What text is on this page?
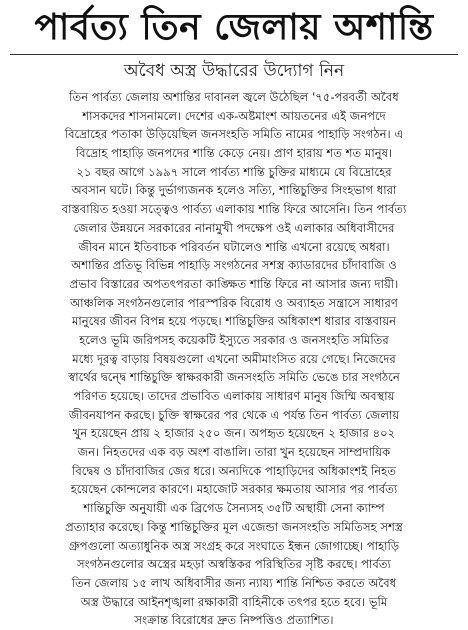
পার্বত্য তিন জেলায় অশান্তি
অবৈধ অস্ত্র উদ্ধারের উদ্যোগ নিন
তিন পার্বত্য জেলায় অশান্তির দাবানল জ্বলে উঠেছিল '৭৫-পরবর্তী অবৈধ
শাসকদের শাসনামলে। দেশের এক-অষ্টমাংশ আয়তনের এই জনপদে
বিদ্রোহের পতাকা উড়িয়েছিল জনসংহতি সমিতি নামের পাহাড়ি সংগঠন। এ
বিদ্রোহ পাহাড়ি জনপদের শান্তি কেড়ে নেয়। প্রাণ হারায় শত শত মানুষ।
২১ বছর আগে ১৯৯৭ সালে পার্বত্য শান্তি চুক্তির মাধ্যমে যে বিদ্রোহের
অবসান ঘটে। কিন্তু দুর্ভাগ্যজনক হলেও সত্যি, শান্তিচুক্তির সিংহভাগ ধারা
বাস্তবায়িত হওয়া সত্ত্বেও পার্বত্য এলাকায় শান্তি ফিরে আসেনি। তিন পার্বত্য
জেলার উন্নয়নে সরকারের নানামুখী পদক্ষেপ ওই এলাকার অধিবাসীদের
জীবন মানে ইতিবাচক পরিবর্তন ঘটালেও শান্তি এখনো রয়েছে অধরা।
অশান্তির প্রতিভূ বিভিন্ন পাহাড়ি সংগঠনের সশস্ত্র ক্যাডারদের চাঁদাবাজি ও
প্রভাব বিস্তারের অপতৎপরতা কাঙ্ক্ষিত শান্তি ফিরে না আসার জন্য দায়ী।
আঞ্চলিক সংগঠনগুলোর পারস্পরিক বিরোধ ও অব্যাহত সন্ত্রাসে সাধারণ
মানুষের জীবন বিপন্ন হয়ে পড়ছে। শান্তিচুক্তির অধিকাংশ ধারার বাস্তবায়ন
হলেও ভূমি জরিপসহ কয়েকটি ইস্যুতে সরকার ও জনসংহতি সমিতির
মধ্যে দূরত্ব বাড়ায় বিষয়গুলো এখনো অমীমাংসিত রয়ে গেছে। নিজেদের
স্বার্থের দ্বন্দ্বে শান্তিচুক্তি স্বাক্ষরকারী জনসংহতি সমিতি ভেঙে চার সংগঠনে
পরিণত হয়েছে। তাদের প্রভাবিত এলাকায় সাধারণ মানুষ জিম্মি অবস্থায়
জীবনযাপন করছে। চুক্তি স্বাক্ষরের পর থেকে এ পর্যন্ত তিন পার্বত্য জেলায়
খুন হয়েছেন প্রায় ২ হাজার ২৫০ জন। অপহৃত হয়েছেন ২ হাজার ৪০২
জন। নিহতদের এক বড় অংশ বাঙালি। তারা খুন হয়েছেন সাম্প্রদায়িক
বিদ্বেষ ও চাঁদাবাজির জের ধরে। অন্যদিকে পাহাড়িদের অধিকাংশই নিহত
হয়েছেন কোন্দলের কারণে। মহাজোট সরকার ক্ষমতায় আসার পর পার্বত্য
শান্তিচুক্তি অনুযায়ী এক ব্রিগেড সৈন্যসহ ৩৫টি অস্থায়ী সেনা ক্যাম্প
প্রত্যাহার করেছে। কিন্তু শান্তিচুক্তির মূল এজেন্ডা জনসংহতি সমিতিসহ সশস্ত্র
গ্রুপগুলো অত্যাধুনিক অস্ত্র সংগ্রহ করে সংঘাতে ইন্ধন জোগাচ্ছে। পাহাড়ি
সংগঠনগুলোর অস্ত্রের মহড়া অস্বস্তিকর পরিস্থিতির সৃষ্টি করছে। পার্বত্য
তিন জেলায় ১৫ লাখ অধিবাসীর জন্য ন্যায্য শান্তি নিশ্চিত করতে অবৈধ
অস্ত্র উদ্ধারে আইনশৃঙ্খলা রক্ষাকারী বাহিনীকে তৎপর হতে হবে। ভূমি
সংক্রান্ত বিরোধের দ্রুত নিষ্পত্তিও প্রত্যাশিত।
